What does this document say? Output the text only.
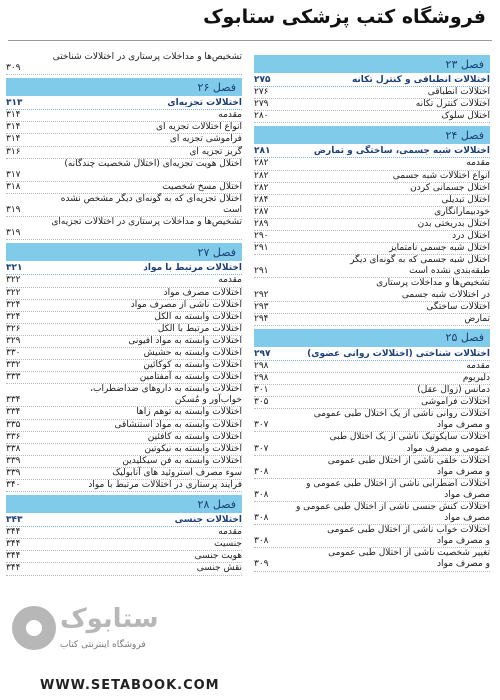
فروشگاه کتب پزشکی ستابوک
فصل ۲۳
اختلالات انطباقی و کنترل تکانه
۲۷۵
اختلالات انطباقی
۲۷۶
اختلالات کنترل تکانه
۲۷۹
اختلال سلوک
۲۸۰
فصل ۲۴
اختلالات شبه جسمی، ساختگی و تمارض
۲۸۱
مقدمه
۲۸۲
انواع اختلالات شبه جسمی
۲۸۲
اختلال جسمانی کردن
۲۸۲
اختلال تبدیلی
۲۸۴
خودبیمارانگاری
۲۸۷
اختلال بدریختی بدن
۲۸۹
اختلال درد
۲۹۰
اختلال شبه جسمی نامتمایز
۲۹۱
اختلال شبه جسمی که به گونه‌ای دیگر
طبقه‌بندی نشده است
۲۹۱
تشخیص‌ها و مداخلات پرستاری
در اختلالات شبه جسمی
۲۹۲
اختلالات ساختگی
۲۹۳
تمارض
۲۹۴
فصل ۲۵
اختلالات شناختی (اختلالات روانی عضوی)
۲۹۷
مقدمه
۲۹۸
دلیریوم
۲۹۸
دمانس (زوال عقل)
۳۰۱
اختلالات فراموشی
۳۰۵
اختلالات روانی ناشی از یک اختلال طبی عمومی
و مصرف مواد
۳۰۷
اختلالات سایکوتیک ناشی از یک اختلال طبی
عمومی و مصرف مواد
۳۰۷
اختلالات خلقی ناشی از اختلال طبی عمومی
و مصرف مواد
۳۰۸
اختلالات اضطرابی ناشی از اختلال طبی عمومی و
مصرف مواد
۳۰۸
اختلالات کنش جنسی ناشی از اختلال طبی عمومی و
مصرف مواد
۳۰۸
اختلالات خواب ناشی از اختلال طبی عمومی
و مصرف مواد
۳۰۸
تغییر شخصیت ناشی از اختلال طبی عمومی
و مصرف مواد
۳۰۹
تشخیص‌ها و مداخلات پرستاری در اختلالات شناختی
۳۰۹
فصل ۲۶
اختلالات تجزیه‌ای
۳۱۳
مقدمه
۳۱۴
انواع اختلالات تجزیه ای
۳۱۴
فراموشی تجزیه ای
۳۱۴
گریز تجزیه ای
۳۱۶
اختلال هویت تجزیه‌ای (اختلال شخصیت چندگانه)
۳۱۷
اختلال مسخ شخصیت
۳۱۸
اختلال تجزیه‌ای که به گونه‌ای دیگر مشخص نشده
است
۳۱۹
تشخیص‌ها و مداخلات پرستاری در اختلالات تجزیه‌ای
۳۱۹
فصل ۲۷
اختلالات مرتبط با مواد
۳۲۱
مقدمه
۳۲۲
اختلالات مصرف مواد
۳۲۲
اختلالات ناشی از مصرف مواد
۳۲۴
اختلالات وابسته به الکل
۳۲۴
اختلالات مرتبط با الکل
۳۲۶
اختلالات وابسته به مواد افیونی
۳۲۹
اختلالات وابسته به حشیش
۳۳۰
اختلالات وابسته به کوکائین
۳۳۲
اختلالات وابسته به آمفتامین
۳۳۳
اختلالات وابسته به داروهای ضداضطراب،
خواب‌آور و مُسکن
۳۳۴
اختلالات وابسته به توهم زاها
۳۳۴
اختلالات وابسته به مواد استنشاقی
۳۳۵
اختلالات وابسته به کافئین
۳۳۶
اختلالات وابسته به نیکوتین
۳۳۸
اختلالات وابسته به فن سیکلیدین
۳۳۹
سوء مصرف استروئید های آنابولیک
۳۳۹
فرایند پرستاری در اختلالات مرتبط با مواد
۳۴۰
فصل ۲۸
اختلالات جنسی
۳۴۳
مقدمه
۳۴۴
جنسیت
۳۴۴
هویت جنسی
۳۴۴
نقش جنسی
۳۴۴
ستابوک
فروشگاه اینترنتی کتاب
WWW.SETABOOK.COM
